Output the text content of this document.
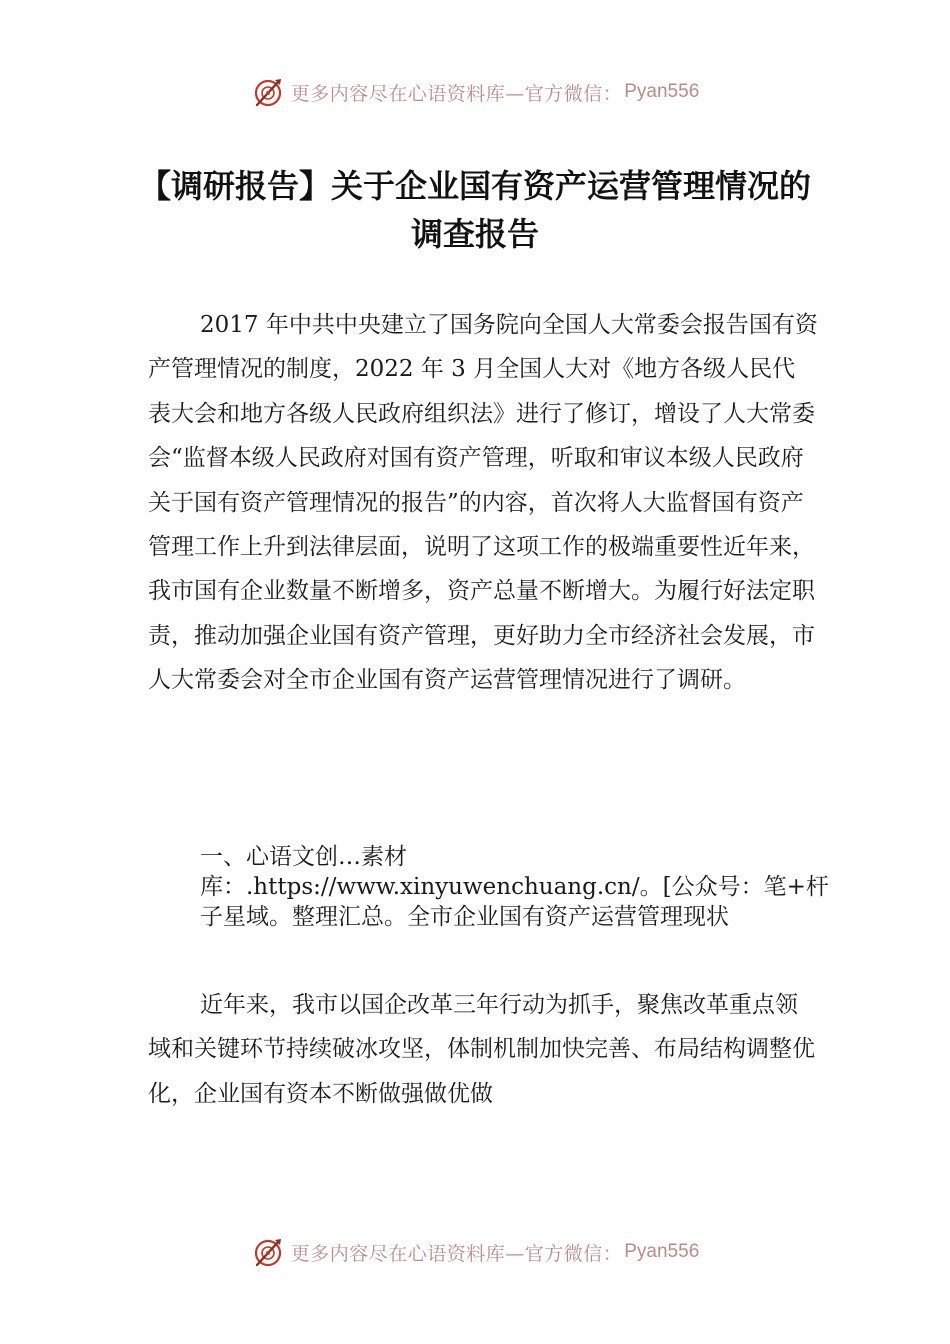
更多内容尽在心语资料库—官方微信： Pyan556
【调研报告】关于企业国有资产运营管理情况的调查报告

2017 年中共中央建立了国务院向全国人大常委会报告国有资产管理情况的制度，2022 年 3 月全国人大对《地方各级人民代表大会和地方各级人民政府组织法》进行了修订，增设了人大常委会“监督本级人民政府对国有资产管理，听取和审议本级人民政府关于国有资产管理情况的报告”的内容，首次将人大监督国有资产管理工作上升到法律层面，说明了这项工作的极端重要性近年来，我市国有企业数量不断增多，资产总量不断增大。为履行好法定职责，推动加强企业国有资产管理，更好助力全市经济社会发展，市人大常委会对全市企业国有资产运营管理情况进行了调研。

一、心语文创…素材库：.https://www.xinyuwenchuang.cn/。[公众号：笔+杆子星域。整理汇总。全市企业国有资产运营管理现状

近年来，我市以国企改革三年行动为抓手，聚焦改革重点领域和关键环节持续破冰攻坚，体制机制加快完善、布局结构调整优化，企业国有资本不断做强做优做

更多内容尽在心语资料库—官方微信： Pyan556
